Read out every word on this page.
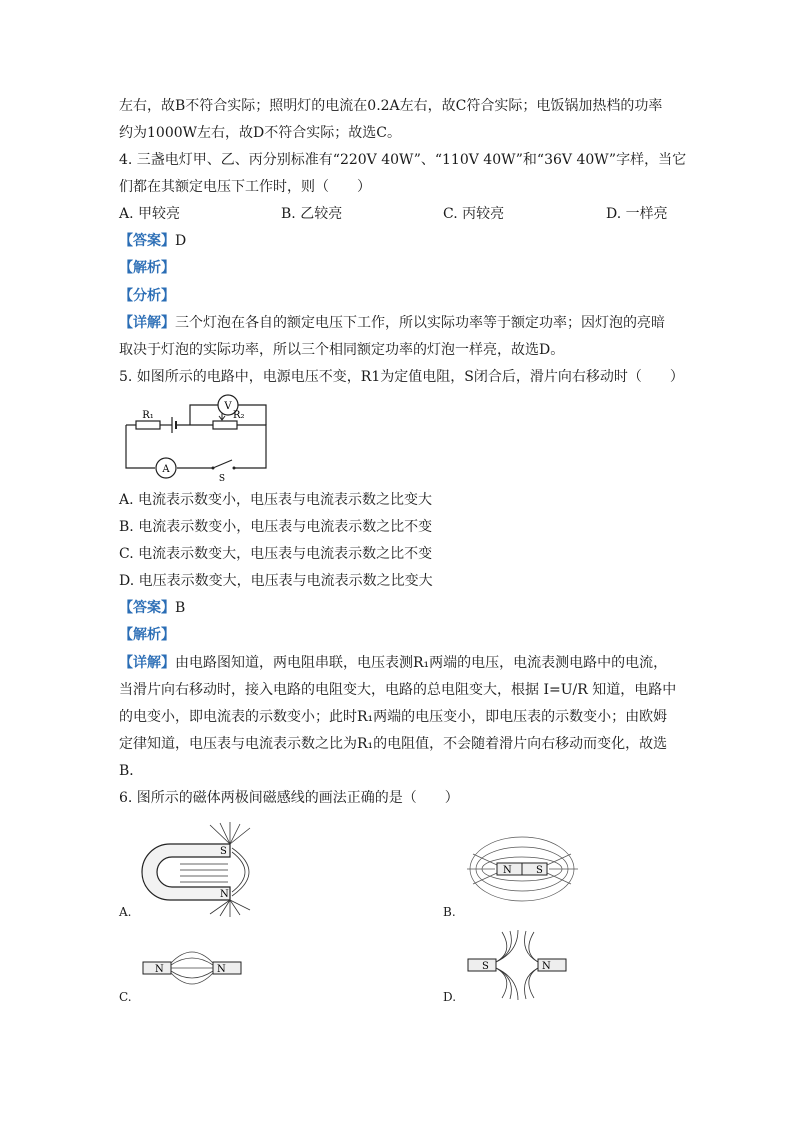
左右，故B不符合实际；照明灯的电流在0.2A左右，故C符合实际；电饭锅加热档的功率
约为1000W左右，故D不符合实际；故选C。
4. 三盏电灯甲、乙、丙分别标准有“220V 40W”、“110V 40W”和“36V 40W”字样，当它
们都在其额定电压下工作时，则（　　）
A. 甲较亮	B. 乙较亮	C. 丙较亮	D. 一样亮
【答案】D
【解析】
【分析】
【详解】三个灯泡在各自的额定电压下工作，所以实际功率等于额定功率；因灯泡的亮暗
取决于灯泡的实际功率，所以三个相同额定功率的灯泡一样亮，故选D。
5. 如图所示的电路中，电源电压不变，R1为定值电阻，S闭合后，滑片向右移动时（　　）
V
A
S
R₁	R₂
A. 电流表示数变小，电压表与电流表示数之比变大
B. 电流表示数变小，电压表与电流表示数之比不变
C. 电流表示数变大，电压表与电流表示数之比不变
D. 电压表示数变大，电压表与电流表示数之比变大
【答案】B
【解析】
【详解】由电路图知道，两电阻串联，电压表测R₁两端的电压，电流表测电路中的电流，
当滑片向右移动时，接入电路的电阻变大，电路的总电阻变大，根据 I=U/R 知道，电路中
的电变小，即电流表的示数变小；此时R₁两端的电压变小，即电压表的示数变小；由欧姆
定律知道，电压表与电流表示数之比为R₁的电阻值，不会随着滑片向右移动而变化，故选
B．
6. 图所示的磁体两极间磁感线的画法正确的是（　　）
S
N
A.
N S
B.
N	N
C.
S	N
D.
